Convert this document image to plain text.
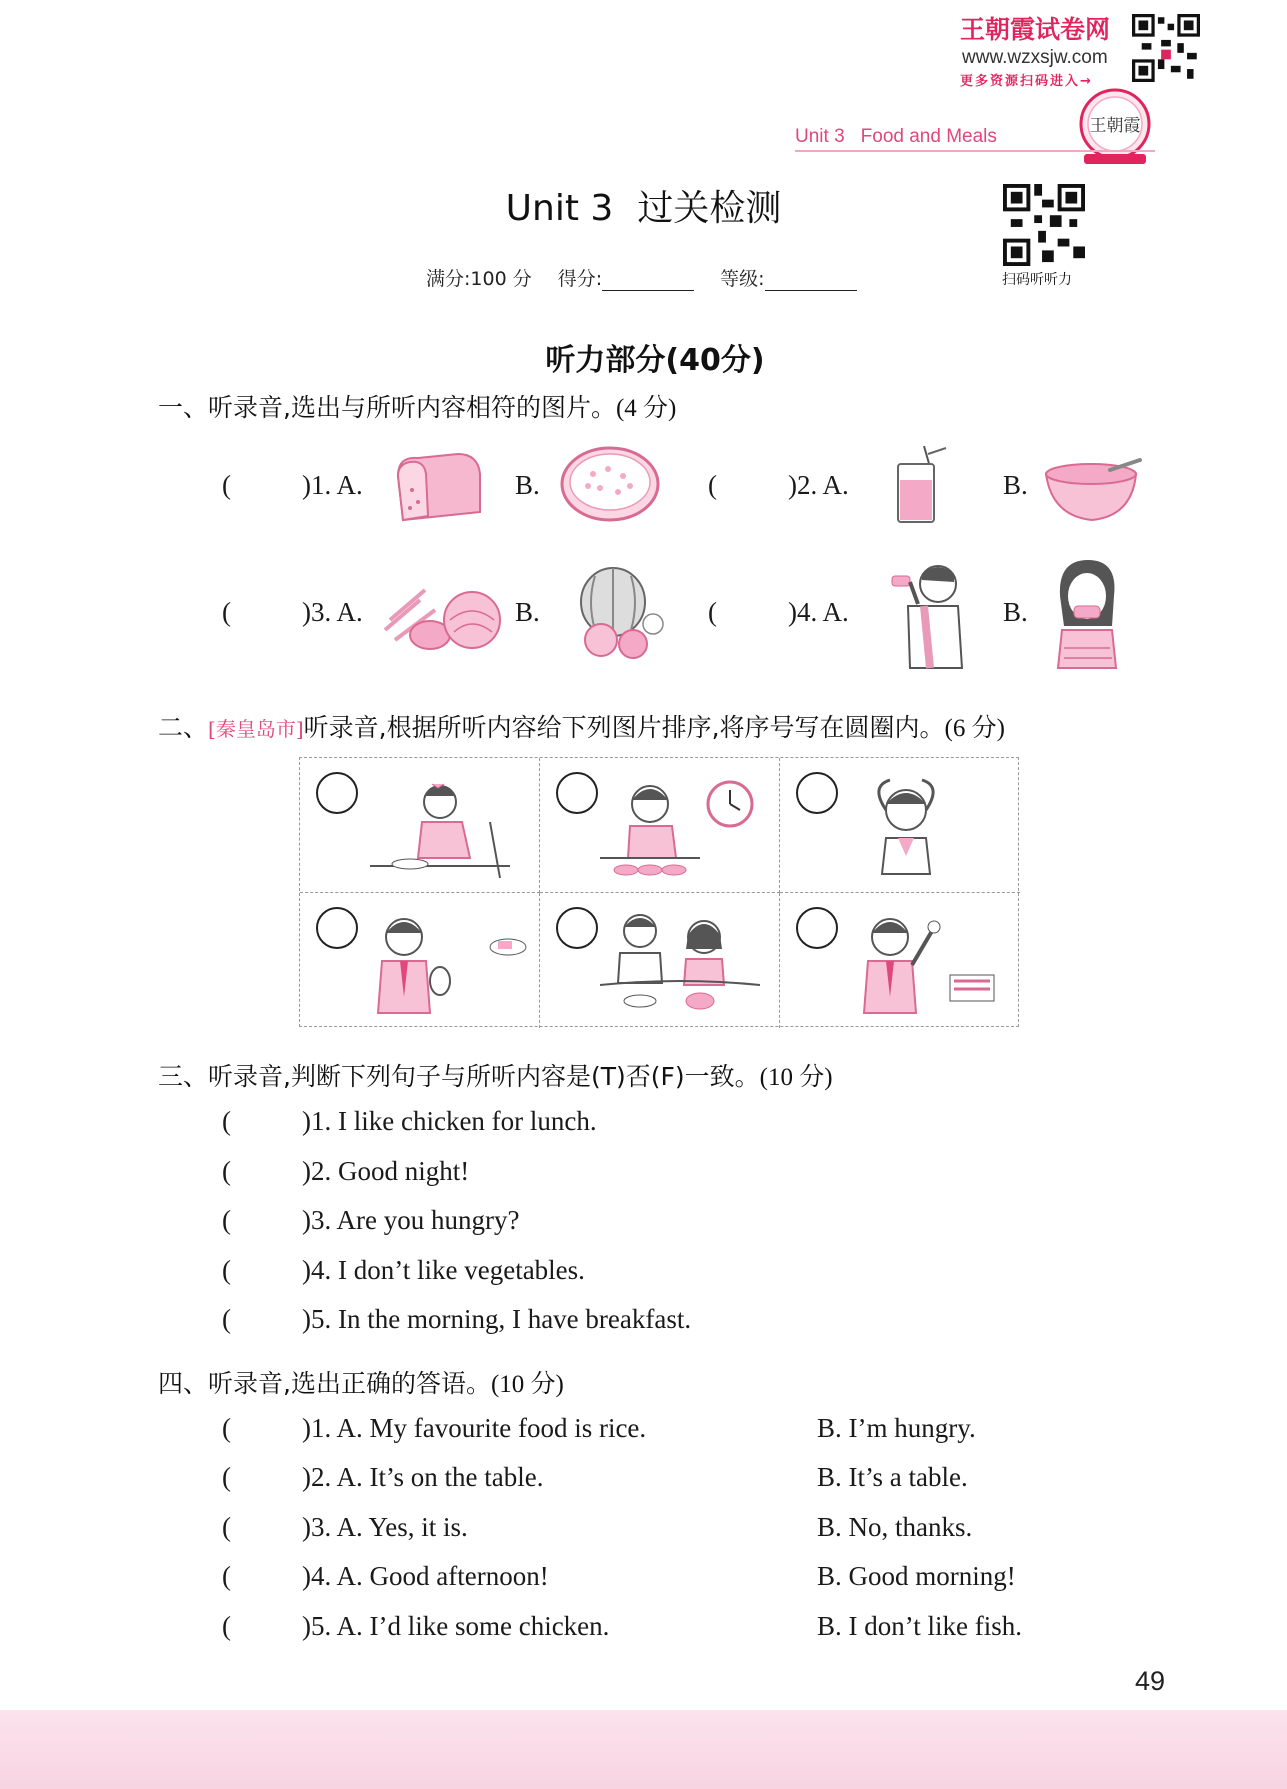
王朝霞试卷网
www.wzxsjw.com
更多资源扫码进入→
王朝霞
Unit 3 Food and Meals
Unit 3 过关检测
扫码听听力
满分:100 分 得分:	等级:
听力部分(40分)
一、听录音,选出与所听内容相符的图片。(4 分)
(	)1. A.	B.	(	)2. A.	B.
(	)3. A.	B.	(	)4. A.	B.
二、[秦皇岛市]听录音,根据所听内容给下列图片排序,将序号写在圆圈内。(6 分)
三、听录音,判断下列句子与所听内容是(T)否(F)一致。(10 分)
(	)1. I like chicken for lunch.
(	)2. Good night!
(	)3. Are you hungry?
(	)4. I don’t like vegetables.
(	)5. In the morning, I have breakfast.
四、听录音,选出正确的答语。(10 分)
(	)1. A. My favourite food is rice.	B. I’m hungry.
(	)2. A. It’s on the table.	B. It’s a table.
(	)3. A. Yes, it is.	B. No, thanks.
(	)4. A. Good afternoon!	B. Good morning!
(	)5. A. I’d like some chicken.	B. I don’t like fish.
49
